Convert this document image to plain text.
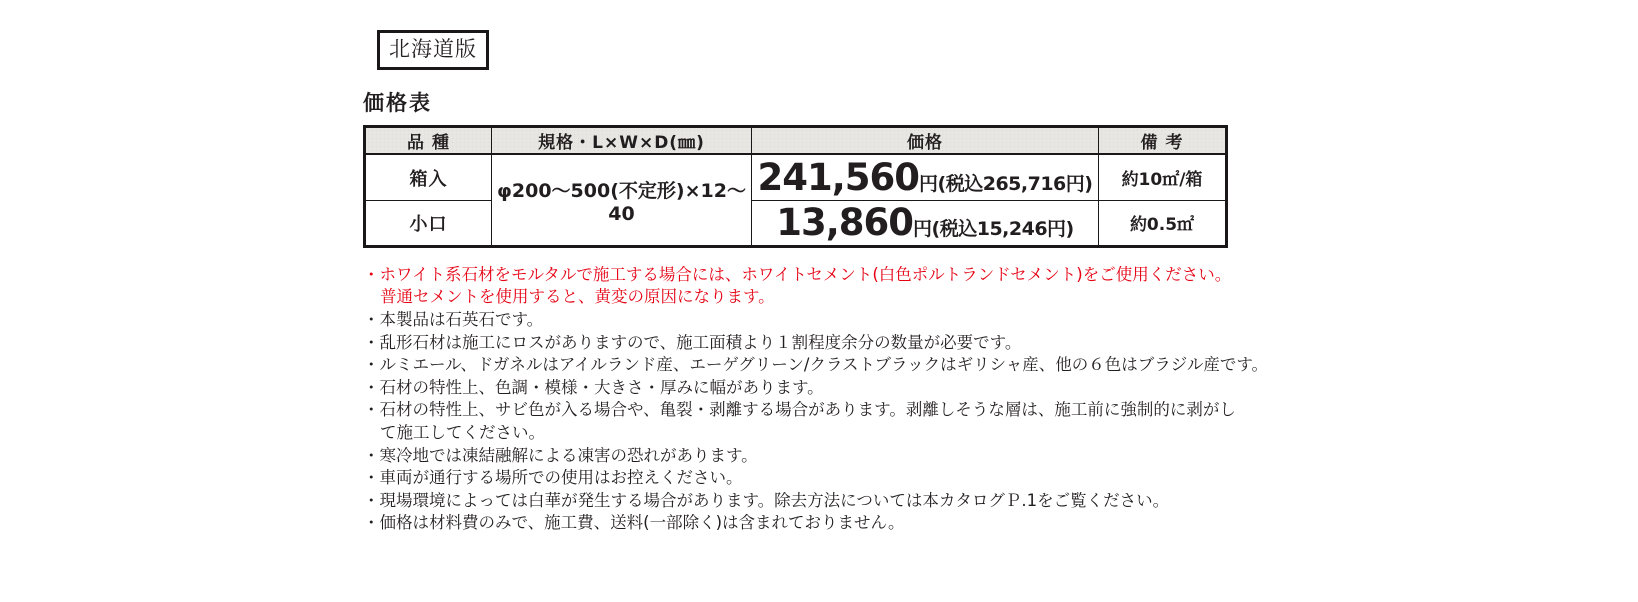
北海道版
価格表
品 種	規格・L×W×D(㎜)	価格	備 考
箱入	φ200〜500(不定形)×12〜40	241,560 円(税込265,716円)	約10㎡/箱
小口		13,860 円(税込15,246円)	約0.5㎡
・ホワイト系石材をモルタルで施工する場合には、ホワイトセメント(白色ポルトランドセメント)をご使用ください。
普通セメントを使用すると、黄変の原因になります。
・本製品は石英石です。
・乱形石材は施工にロスがありますので、施工面積より１割程度余分の数量が必要です。
・ルミエール、ドガネルはアイルランド産、エーゲグリーン/クラストブラックはギリシャ産、他の６色はブラジル産です。
・石材の特性上、色調・模様・大きさ・厚みに幅があります。
・石材の特性上、サビ色が入る場合や、亀裂・剥離する場合があります。剥離しそうな層は、施工前に強制的に剥がし
て施工してください。
・寒冷地では凍結融解による凍害の恐れがあります。
・車両が通行する場所での使用はお控えください。
・現場環境によっては白華が発生する場合があります。除去方法については本カタログＰ.1をご覧ください。
・価格は材料費のみで、施工費、送料(一部除く)は含まれておりません。
